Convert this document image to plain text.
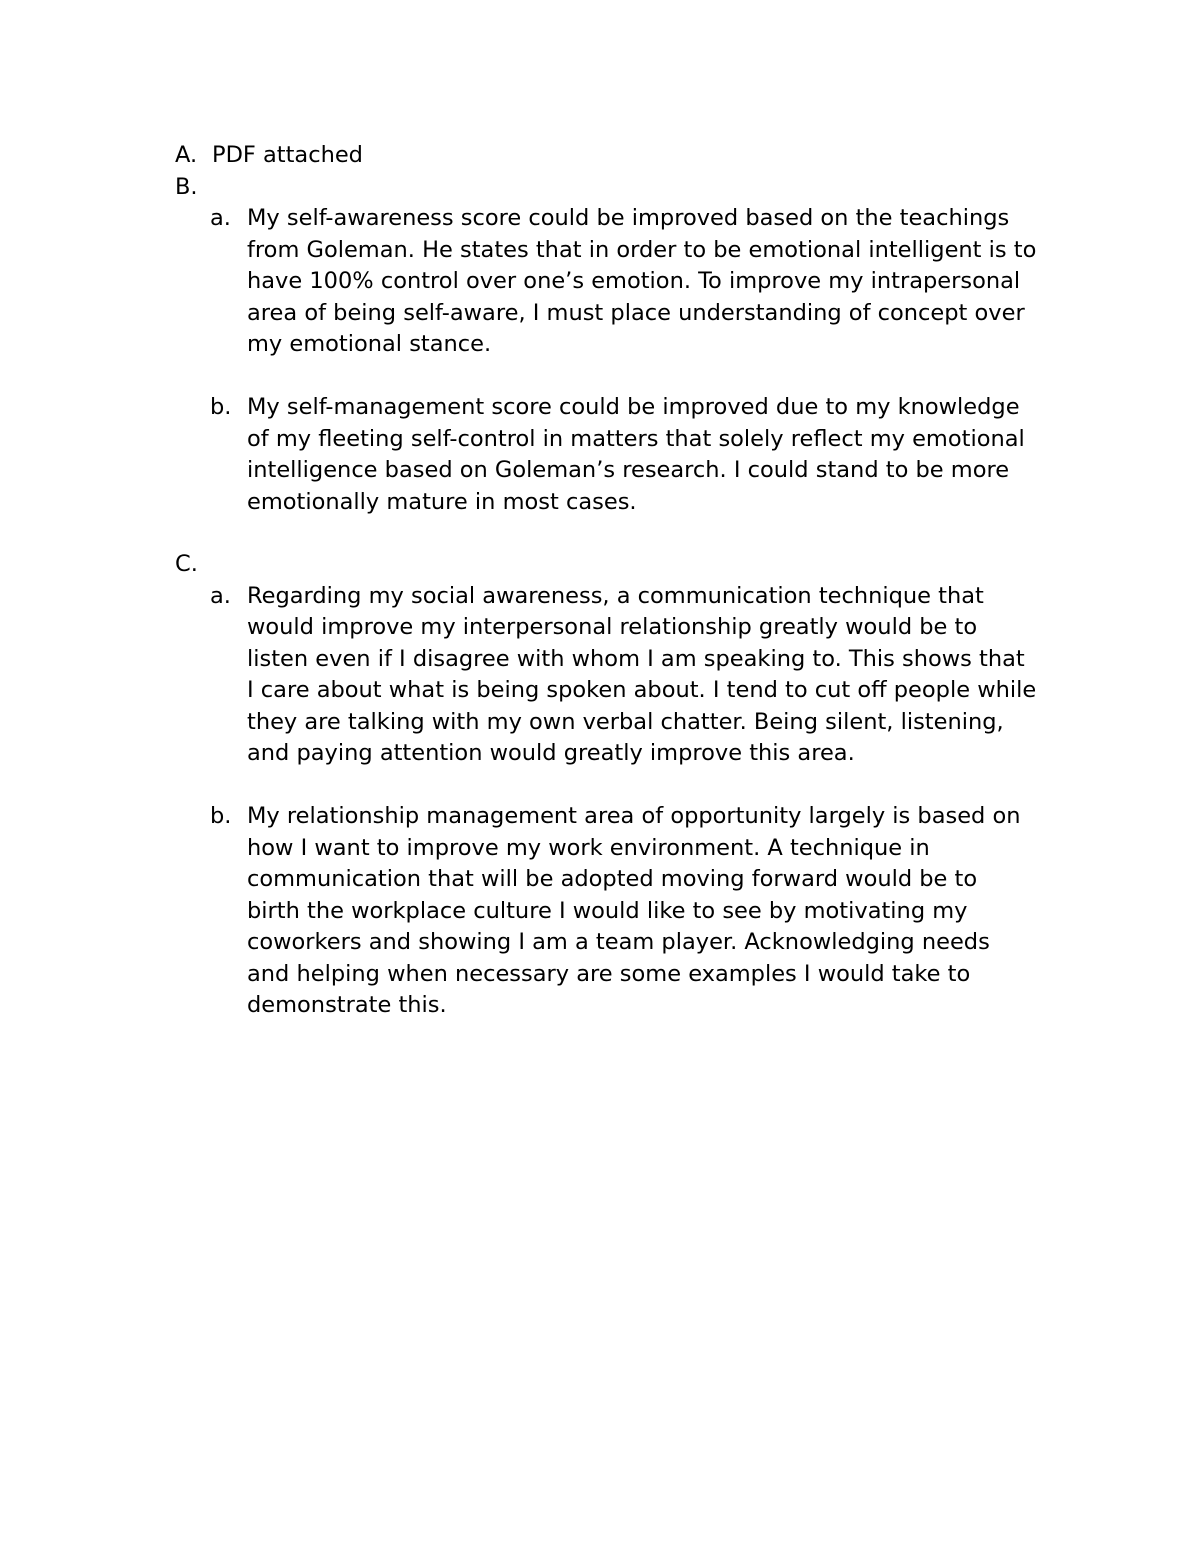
A. PDF attached
B.
a. My self-awareness score could be improved based on the teachings from Goleman. He states that in order to be emotional intelligent is to have 100% control over one’s emotion. To improve my intrapersonal area of being self-aware, I must place understanding of concept over my emotional stance.
b. My self-management score could be improved due to my knowledge of my fleeting self-control in matters that solely reflect my emotional intelligence based on Goleman’s research. I could stand to be more emotionally mature in most cases.
C.
a. Regarding my social awareness, a communication technique that would improve my interpersonal relationship greatly would be to listen even if I disagree with whom I am speaking to. This shows that I care about what is being spoken about. I tend to cut off people while they are talking with my own verbal chatter. Being silent, listening, and paying attention would greatly improve this area.
b. My relationship management area of opportunity largely is based on how I want to improve my work environment. A technique in communication that will be adopted moving forward would be to birth the workplace culture I would like to see by motivating my coworkers and showing I am a team player. Acknowledging needs and helping when necessary are some examples I would take to demonstrate this.
